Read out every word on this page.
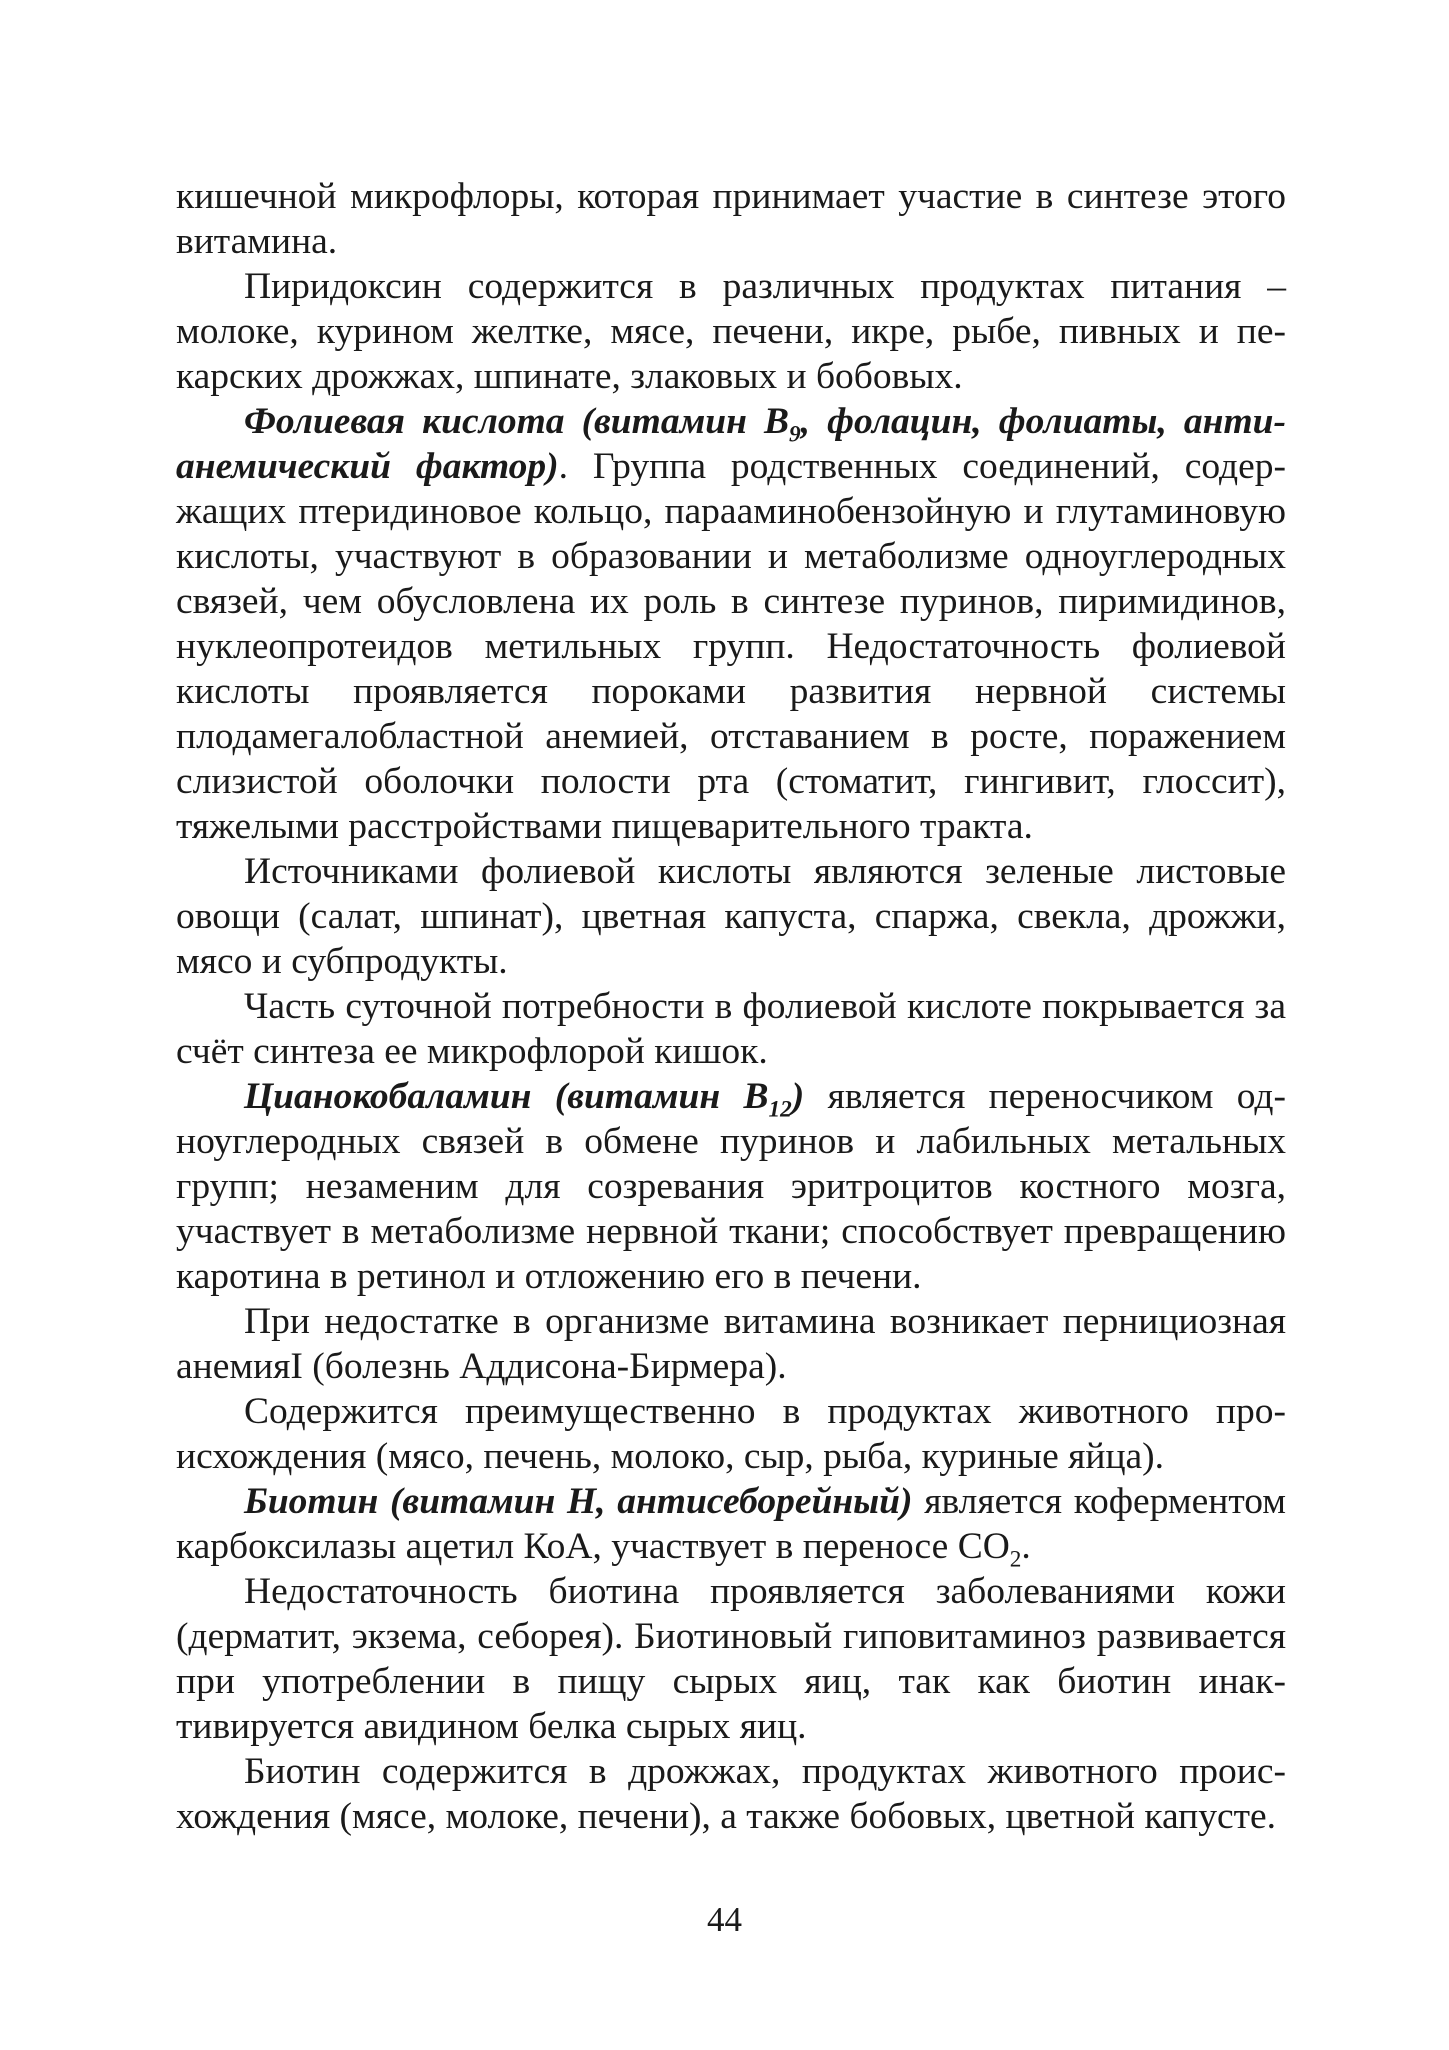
кишечной микрофлоры, которая принимает участие в синтезе этого витамина.

Пиридоксин содержится в различных продуктах питания – молоке, курином желтке, мясе, печени, икре, рыбе, пивных и пекарских дрожжах, шпинате, злаковых и бобовых.

Фолиевая кислота (витамин $B_9$, фолацин, фолиаты, антианемический фактор). Группа родственных соединений, содержащих птеридиновое кольцо, парааминобензойную и глутаминовую кислоты, участвуют в образовании и метаболизме одноуглеродных связей, чем обусловлена их роль в синтезе пуринов, пиримидинов, нуклеопротеидов метильных групп. Недостаточность фолиевой кислоты проявляется пороками развития нервной системы плодамегалобластной анемией, отставанием в росте, поражением слизистой оболочки полости рта (стоматит, гингивит, глоссит), тяжелыми расстройствами пищеварительного тракта.

Источниками фолиевой кислоты являются зеленые листовые овощи (салат, шпинат), цветная капуста, спаржа, свекла, дрожжи, мясо и субпродукты.

Часть суточной потребности в фолиевой кислоте покрывается за счёт синтеза ее микрофлорой кишок.

Цианокобаламин (витамин $B_{12}$) является переносчиком одноуглеродных связей в обмене пуринов и лабильных метальных групп; незаменим для созревания эритроцитов костного мозга, участвует в метаболизме нервной ткани; способствует превращению каротина в ретинол и отложению его в печени.

При недостатке в организме витамина возникает пернициозная анемияI (болезнь Аддисона-Бирмера).

Содержится преимущественно в продуктах животного происхождения (мясо, печень, молоко, сыр, рыба, куриные яйца).

Биотин (витамин H, антисеборейный) является коферментом карбоксилазы ацетил КоА, участвует в переносе $CO_2$.

Недостаточность биотина проявляется заболеваниями кожи (дерматит, экзема, себорея). Биотиновый гиповитаминоз развивается при употреблении в пищу сырых яиц, так как биотин инактивируется авидином белка сырых яиц.

Биотин содержится в дрожжах, продуктах животного происхождения (мясе, молоке, печени), а также бобовых, цветной капусте.

44
